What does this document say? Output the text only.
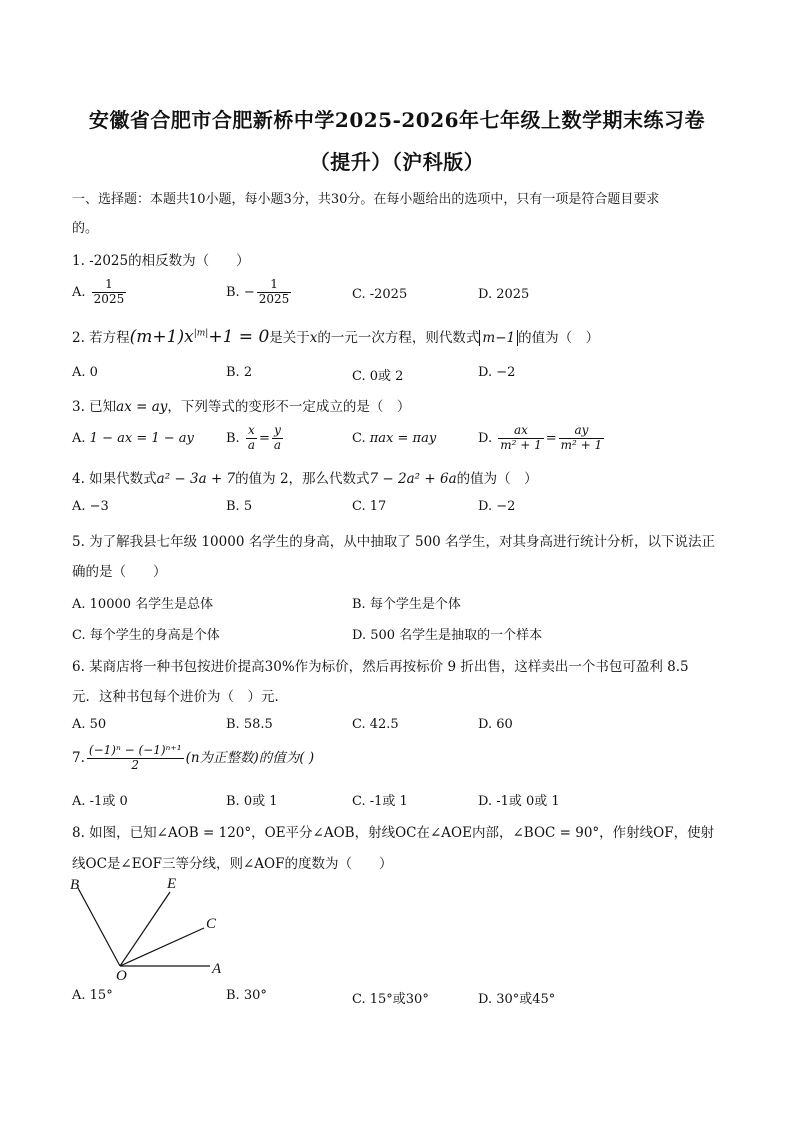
安徽省合肥市合肥新桥中学2025-2026年七年级上数学期末练习卷
（提升）（沪科版）
一、选择题：本题共10小题，每小题3分，共30分。在每小题给出的选项中，只有一项是符合题目要求
的。
1. -2025的相反数为（　　）
A. $\frac{1}{2025}$	B. − $\frac{1}{2025}$	C. -2025	D. 2025
2. 若方程$(m+1)x^{|m|}+1 = 0$是关于x的一元一次方程，则代数式 m−1 的值为（　）
A. 0	B. 2	C. 0或 2	D. −2
3. 已知ax = ay，下列等式的变形不一定成立的是（　）
A. 1 − ax = 1 − ay B. $\frac{x}{a} = \frac{y}{a}$	C. πax = πay	D. $\frac{ax}{\text{m² + 1}} = \frac{ay}{\text{m² + 1}}$
4. 如果代数式a² − 3a + 7的值为 2，那么代数式7 − 2a² + 6a的值为（　）
A. −3	B. 5	C. 17	D. −2
5. 为了解我县七年级 10000 名学生的身高，从中抽取了 500 名学生，对其身高进行统计分析，以下说法正
确的是（　　）
A. 10000 名学生是总体	B. 每个学生是个体
C. 每个学生的身高是个体	D. 500 名学生是抽取的一个样本
6. 某商店将一种书包按进价提高30%作为标价，然后再按标价 9 折出售，这样卖出一个书包可盈利 8.5
元．这种书包每个进价为（　）元．
A. 50	B. 58.5	C. 42.5	D. 60
7. $\frac{\text{(−1)ⁿ − (−1)ⁿ⁺¹}}{2} (n$为正整数)的值为( )
A. -1或 0	B. 0或 1	C. -1或 1	D. -1或 0或 1
8. 如图，已知∠AOB = 120°，OE平分∠AOB，射线OC在∠AOE内部，∠BOC = 90°，作射线OF，使射
线OC是∠EOF三等分线，则∠AOF的度数为（　　）
B	E
C
O	A
A. 15°	B. 30°	C. 15°或30°	D. 30°或45°
